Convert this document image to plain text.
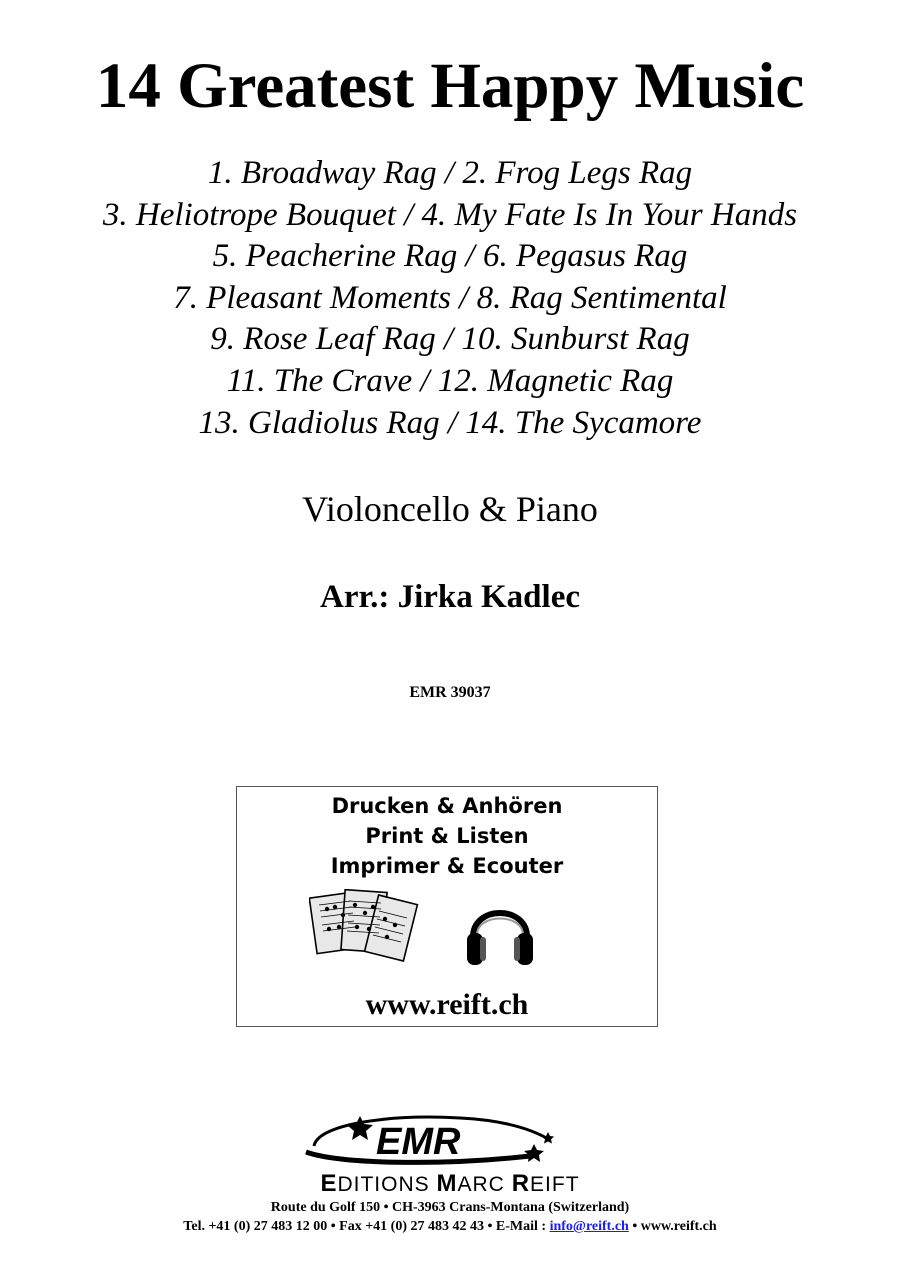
14 Greatest Happy Music
1. Broadway Rag / 2. Frog Legs Rag
3. Heliotrope Bouquet / 4. My Fate Is In Your Hands
5. Peacherine Rag / 6. Pegasus Rag
7. Pleasant Moments / 8. Rag Sentimental
9. Rose Leaf Rag / 10. Sunburst Rag
11. The Crave / 12. Magnetic Rag
13. Gladiolus Rag / 14. The Sycamore
Violoncello & Piano
Arr.: Jirka Kadlec
EMR 39037
Drucken & Anhören
Print & Listen
Imprimer & Ecouter
www.reift.ch
EMR
EDITIONS MARC REIFT
Route du Golf 150 • CH-3963 Crans-Montana (Switzerland)
Tel. +41 (0) 27 483 12 00 • Fax +41 (0) 27 483 42 43 • E-Mail : info@reift.ch • www.reift.ch
